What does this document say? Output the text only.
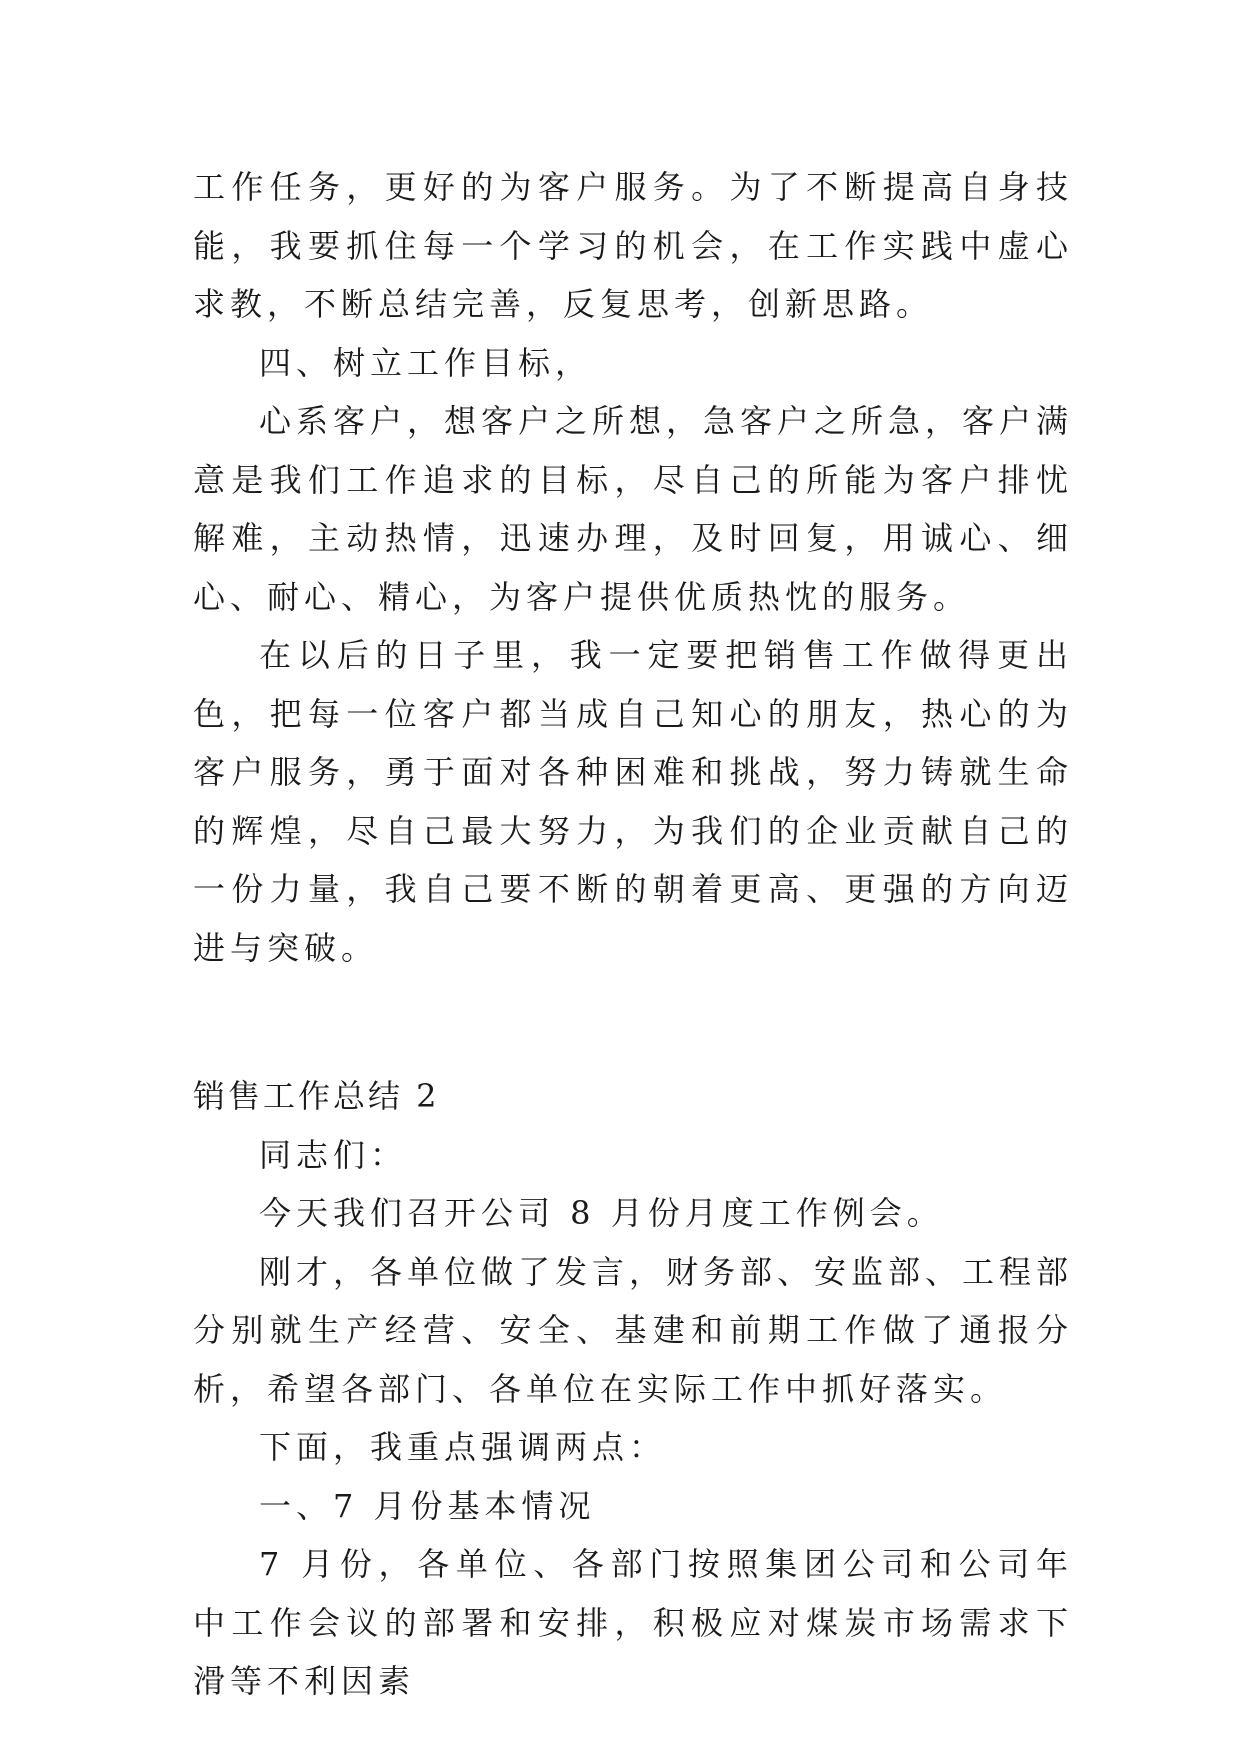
工作任务，更好的为客户服务。为了不断提高自身技能，我要抓住每一个学习的机会，在工作实践中虚心求教，不断总结完善，反复思考，创新思路。

四、树立工作目标，

心系客户，想客户之所想，急客户之所急，客户满意是我们工作追求的目标，尽自己的所能为客户排忧解难，主动热情，迅速办理，及时回复，用诚心、细心、耐心、精心，为客户提供优质热忱的服务。

在以后的日子里，我一定要把销售工作做得更出色，把每一位客户都当成自己知心的朋友，热心的为客户服务，勇于面对各种困难和挑战，努力铸就生命的辉煌，尽自己最大努力，为我们的企业贡献自己的一份力量，我自己要不断的朝着更高、更强的方向迈进与突破。

销售工作总结 2

同志们：

今天我们召开公司 8 月份月度工作例会。

刚才，各单位做了发言，财务部、安监部、工程部分别就生产经营、安全、基建和前期工作做了通报分析，希望各部门、各单位在实际工作中抓好落实。

下面，我重点强调两点：

一、7 月份基本情况

7 月份，各单位、各部门按照集团公司和公司年中工作会议的部署和安排，积极应对煤炭市场需求下滑等不利因素
